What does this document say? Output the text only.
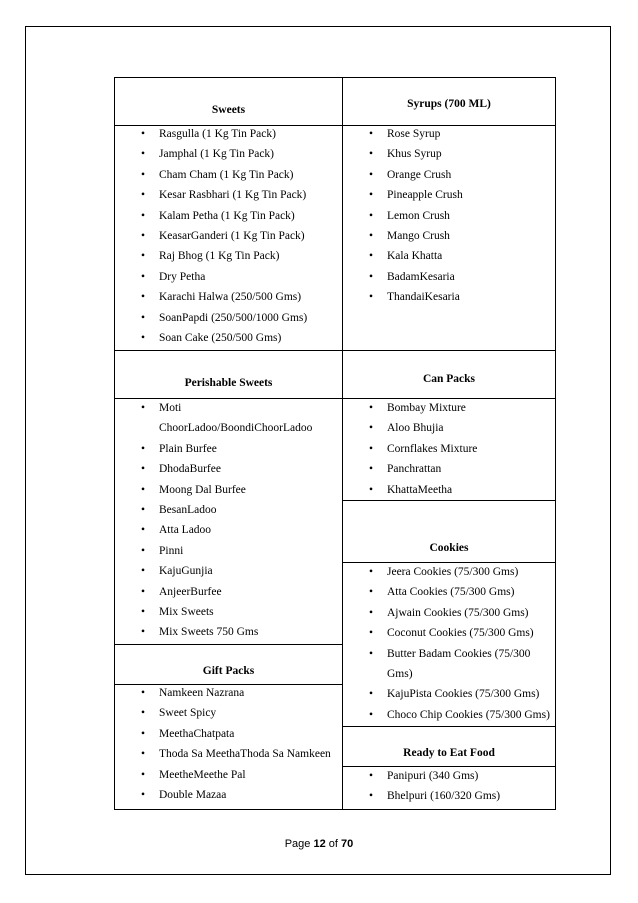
Sweets
• Rasgulla (1 Kg Tin Pack)
• Jamphal (1 Kg Tin Pack)
• Cham Cham (1 Kg Tin Pack)
• Kesar Rasbhari (1 Kg Tin Pack)
• Kalam Petha (1 Kg Tin Pack)
• KeasarGanderi (1 Kg Tin Pack)
• Raj Bhog (1 Kg Tin Pack)
• Dry Petha
• Karachi Halwa (250/500 Gms)
• SoanPapdi (250/500/1000 Gms)
• Soan Cake (250/500 Gms)
Syrups (700 ML)
• Rose Syrup
• Khus Syrup
• Orange Crush
• Pineapple Crush
• Lemon Crush
• Mango Crush
• Kala Khatta
• BadamKesaria
• ThandaiKesaria
Perishable Sweets
• Moti ChoorLadoo/BoondiChoorLadoo
• Plain Burfee
• DhodaBurfee
• Moong Dal Burfee
• BesanLadoo
• Atta Ladoo
• Pinni
• KajuGunjia
• AnjeerBurfee
• Mix Sweets
• Mix Sweets 750 Gms
Can Packs
• Bombay Mixture
• Aloo Bhujia
• Cornflakes Mixture
• Panchrattan
• KhattaMeetha
Cookies
• Jeera Cookies (75/300 Gms)
• Atta Cookies (75/300 Gms)
• Ajwain Cookies (75/300 Gms)
• Coconut Cookies (75/300 Gms)
• Butter Badam Cookies (75/300 Gms)
• KajuPista Cookies (75/300 Gms)
• Choco Chip Cookies (75/300 Gms)
Gift Packs
• Namkeen Nazrana
• Sweet Spicy
• MeethaChatpata
• Thoda Sa MeethaThoda Sa Namkeen
• MeetheMeethe Pal
• Double Mazaa
Ready to Eat Food
• Panipuri (340 Gms)
• Bhelpuri (160/320 Gms)
Page 12 of 70
